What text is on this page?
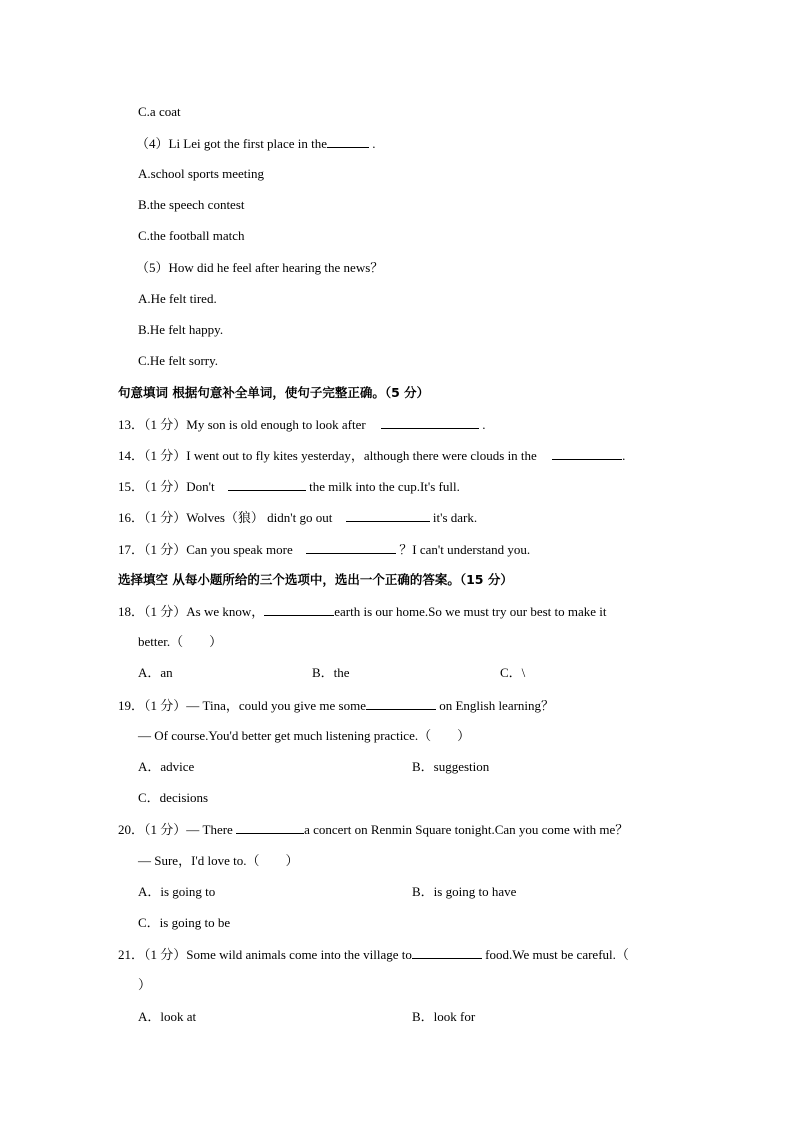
C.a coat
（4）Li Lei got the first place in the	.
A.school sports meeting
B.the speech contest
C.the football match
（5）How did he feel after hearing the news？
A.He felt tired.
B.He felt happy.
C.He felt sorry.
句意填词 根据句意补全单词，使句子完整正确。（5 分）
13．（1 分）My son is old enough to look after	.
14．（1 分）I went out to fly kites yesterday，although there were clouds in the	.
15．（1 分）Don't	the milk into the cup.It's full.
16．（1 分）Wolves（狼） didn't go out	it's dark.
17．（1 分）Can you speak more	？I can't understand you.
选择填空 从每小题所给的三个选项中，选出一个正确的答案。（15 分）
18．（1 分）As we know，	earth is our home.So we must try our best to make it
better.（　　）
A．an	B．the	C．\
19．（1 分）— Tina，could you give me some	on English learning？
— Of course.You'd better get much listening practice.（　　）
A．advice	B．suggestion
C．decisions
20．（1 分）— There	a concert on Renmin Square tonight.Can you come with me？
— Sure，I'd love to.（　　）
A．is going to	B．is going to have
C．is going to be
21．（1 分）Some wild animals come into the village to	food.We must be careful.（
）
A．look at	B．look for
